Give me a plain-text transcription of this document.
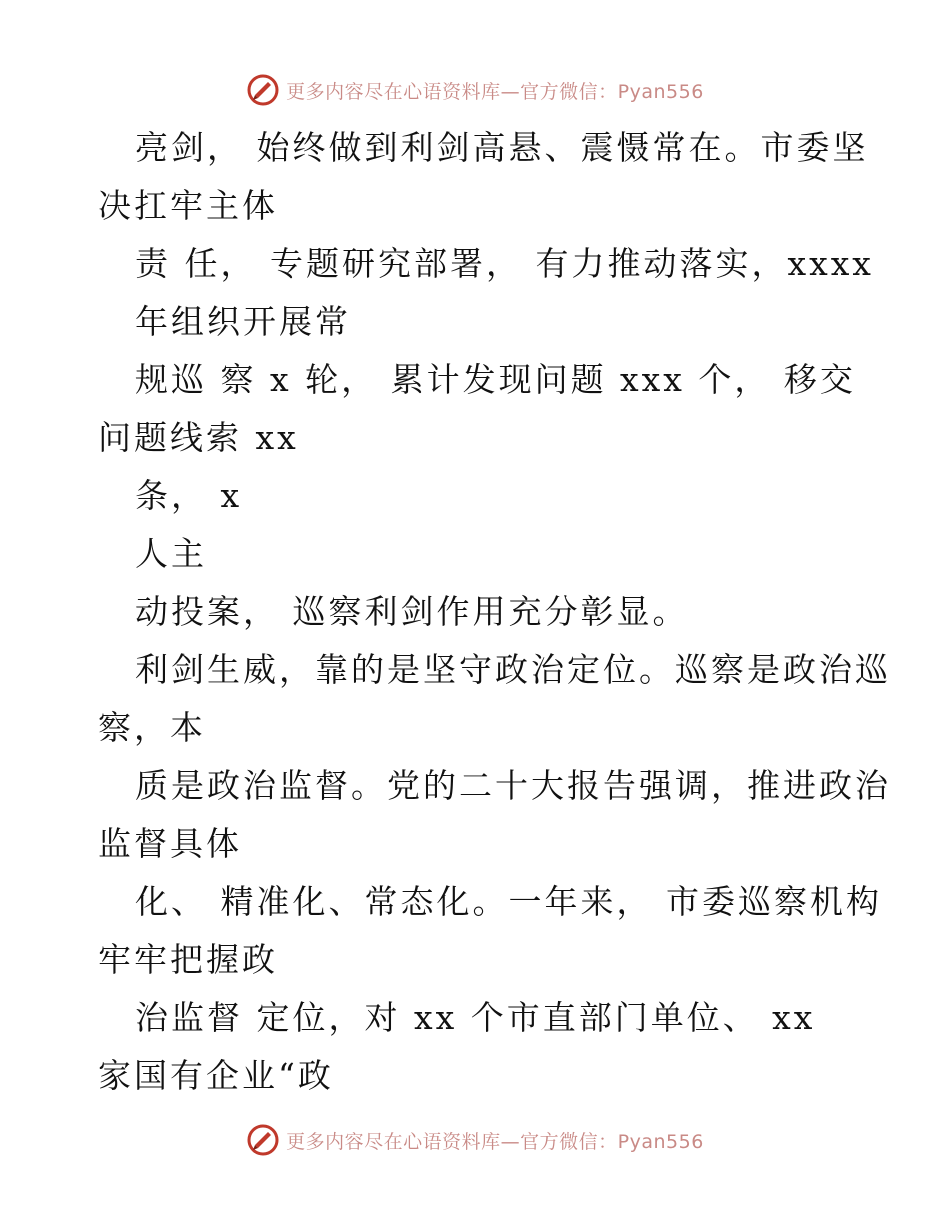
更多内容尽在心语资料库—官方微信：Pyan556
亮剑， 始终做到利剑高悬、震慑常在。市委坚
决扛牢主体
责 任， 专题研究部署， 有力推动落实，xxxx
年组织开展常
规巡 察 x 轮， 累计发现问题 xxx 个， 移交
问题线索 xx
条， x
人主
动投案， 巡察利剑作用充分彰显。
利剑生威，靠的是坚守政治定位。巡察是政治巡
察，本
质是政治监督。党的二十大报告强调，推进政治
监督具体
化、 精准化、常态化。一年来， 市委巡察机构
牢牢把握政
治监督 定位，对 xx 个市直部门单位、 xx
家国有企业“政
更多内容尽在心语资料库—官方微信：Pyan556
